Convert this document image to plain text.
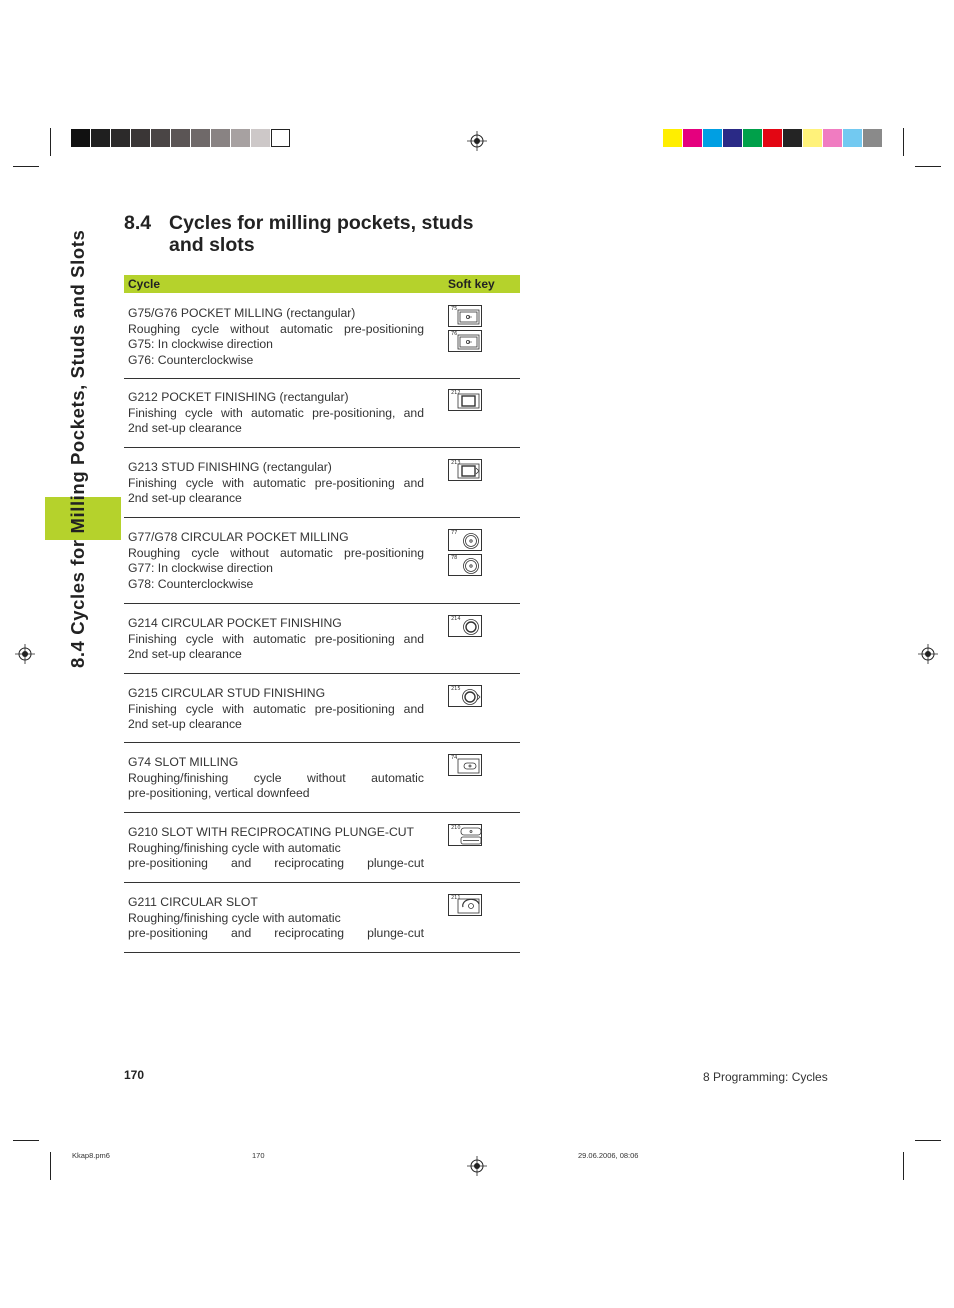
8.4 Cycles for Milling Pockets, Studs and Slots
8.4 Cycles for milling pockets, studs
and slots
Cycle	Soft key
G75/G76 POCKET MILLING (rectangular)
Roughing cycle without automatic pre-positioning
G75: In clockwise direction
G76: Counterclockwise
75
76
G212 POCKET FINISHING (rectangular)
Finishing cycle with automatic pre-positioning, and
2nd set-up clearance
212
G213 STUD FINISHING (rectangular)
Finishing cycle with automatic pre-positioning and
2nd set-up clearance
213
G77/G78 CIRCULAR POCKET MILLING
Roughing cycle without automatic pre-positioning
G77: In clockwise direction
G78: Counterclockwise
77
78
G214 CIRCULAR POCKET FINISHING
Finishing cycle with automatic pre-positioning and
2nd set-up clearance
214
G215 CIRCULAR STUD FINISHING
Finishing cycle with automatic pre-positioning and
2nd set-up clearance
215
G74 SLOT MILLING
Roughing/finishing cycle without automatic
pre-positioning, vertical downfeed
74
G210 SLOT WITH RECIPROCATING PLUNGE-CUT
Roughing/finishing cycle with automatic
pre-positioning and reciprocating plunge-cut
210
G211 CIRCULAR SLOT
Roughing/finishing cycle with automatic
pre-positioning and reciprocating plunge-cut
211
170	8 Programming: Cycles
Kkap8.pm6	170	29.06.2006, 08:06
